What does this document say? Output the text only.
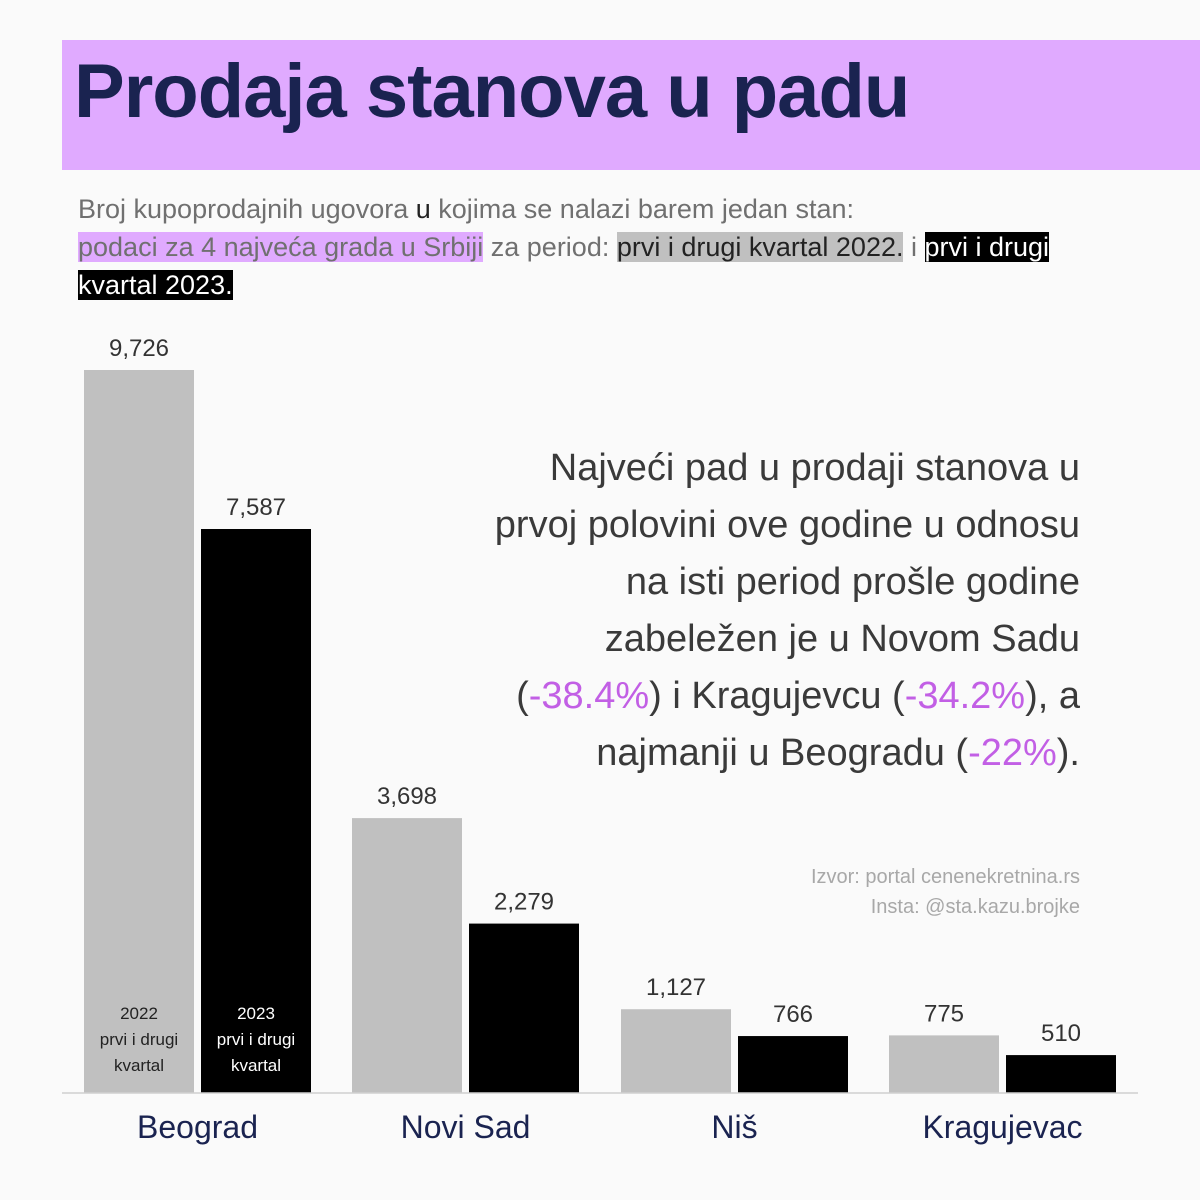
Prodaja stanova u padu
Broj kupoprodajnih ugovora u kojima se nalazi barem jedan stan:
podaci za 4 najveća grada u Srbiji za period: prvi i drugi kvartal 2022. i prvi i drugi kvartal 2023.
9,726
2022
prvi i drugi
kvartal
7,587
2023
prvi i drugi
kvartal
Beograd
3,698
2,279
Novi Sad
1,127
766
Niš
775
510
Kragujevac
Najveći pad u prodaji stanova u prvoj polovini ove godine u odnosu na isti period prošle godine zabeležen je u Novom Sadu (-38.4%) i Kragujevcu (-34.2%), a najmanji u Beogradu (-22%).
Izvor: portal cenenekretnina.rs
Insta: @sta.kazu.brojke
